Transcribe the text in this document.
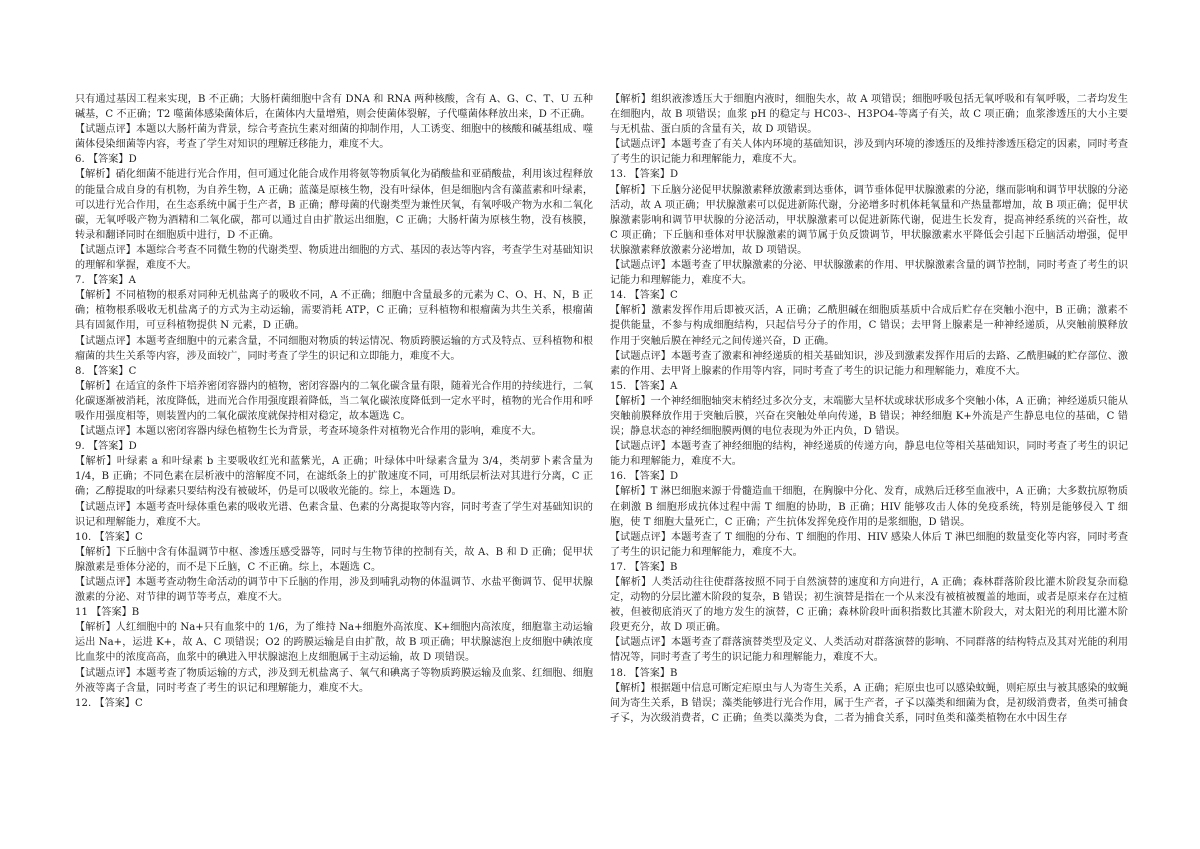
只有通过基因工程来实现，B 不正确；大肠杆菌细胞中含有 DNA 和 RNA 两种核酸，含有 A、G、C、T、U 五种碱基，C 不正确；T2 噬菌体感染菌体后，在菌体内大量增殖，则会使菌体裂解，子代噬菌体释放出来，D 不正确。

【试题点评】本题以大肠杆菌为背景，综合考查抗生素对细菌的抑制作用，人工诱变、细胞中的核酸和碱基组成、噬菌体侵染细菌等内容，考查了学生对知识的理解迁移能力，难度不大。

6. 【答案】D

【解析】硝化细菌不能进行光合作用，但可通过化能合成作用将氨等物质氧化为硝酸盐和亚硝酸盐，利用该过程释放的能量合成自身的有机物，为自养生物，A 正确；蓝藻是原核生物，没有叶绿体，但是细胞内含有藻蓝素和叶绿素，可以进行光合作用，在生态系统中属于生产者，B 正确；酵母菌的代谢类型为兼性厌氧，有氧呼吸产物为水和二氧化碳，无氧呼吸产物为酒精和二氧化碳，都可以通过自由扩散运出细胞，C 正确；大肠杆菌为原核生物，没有核膜，转录和翻译同时在细胞质中进行，D 不正确。

【试题点评】本题综合考查不同微生物的代谢类型、物质进出细胞的方式、基因的表达等内容，考查学生对基础知识的理解和掌握，难度不大。

7. 【答案】A

【解析】不同植物的根系对同种无机盐离子的吸收不同，A 不正确；细胞中含量最多的元素为 C、O、H、N，B 正确；植物根系吸收无机盐离子的方式为主动运输，需要消耗 ATP，C 正确；豆科植物和根瘤菌为共生关系，根瘤菌具有固氮作用，可豆科植物提供 N 元素，D 正确。

【试题点评】本题考查细胞中的元素含量，不同细胞对物质的转运情况、物质跨膜运输的方式及特点、豆科植物和根瘤菌的共生关系等内容，涉及面较广，同时考查了学生的识记和立即能力，难度不大。

8. 【答案】C

【解析】在适宜的条件下培养密闭容器内的植物，密闭容器内的二氧化碳含量有限，随着光合作用的持续进行，二氧化碳逐渐被消耗，浓度降低，进而光合作用强度跟着降低，当二氧化碳浓度降低到一定水平时，植物的光合作用和呼吸作用强度相等，则装置内的二氧化碳浓度就保持相对稳定，故本题选 C。

【试题点评】本题以密闭容器内绿色植物生长为背景，考查环境条件对植物光合作用的影响，难度不大。

9. 【答案】D

【解析】叶绿素 a 和叶绿素 b 主要吸收红光和蓝紫光，A 正确；叶绿体中叶绿素含量为 3/4，类胡萝卜素含量为 1/4，B 正确；不同色素在层析液中的溶解度不同，在滤纸条上的扩散速度不同，可用纸层析法对其进行分离，C 正确；乙醇提取的叶绿素只要结构没有被破坏，仍是可以吸收光能的。综上，本题选 D。

【试题点评】本题考查叶绿体重色素的吸收光谱、色素含量、色素的分离提取等内容，同时考查了学生对基础知识的识记和理解能力，难度不大。

10. 【答案】C

【解析】下丘脑中含有体温调节中枢、渗透压感受器等，同时与生物节律的控制有关，故 A、B 和 D 正确；促甲状腺激素是垂体分泌的，而不是下丘脑，C 不正确。综上，本题选 C。

【试题点评】本题考查动物生命活动的调节中下丘脑的作用，涉及到哺乳动物的体温调节、水盐平衡调节、促甲状腺激素的分泌、对节律的调节等考点，难度不大。

11 【答案】B

【解析】人红细胞中的 Na+只有血浆中的 1/6，为了维持 Na+细胞外高浓度、K+细胞内高浓度，细胞靠主动运输运出 Na+，运进 K+，故 A、C 项错误；O2 的跨膜运输是自由扩散，故 B 项正确；甲状腺滤泡上皮细胞中碘浓度比血浆中的浓度高高，血浆中的碘进入甲状腺滤泡上皮细胞属于主动运输，故 D 项错误。

【试题点评】本题考查了物质运输的方式，涉及到无机盐离子、氧气和碘离子等物质跨膜运输及血浆、红细胞、细胞外液等离子含量，同时考查了考生的识记和理解能力，难度不大。

12. 【答案】C

【解析】组织液渗透压大于细胞内液时，细胞失水，故 A 项错误；细胞呼吸包括无氧呼吸和有氧呼吸，二者均发生在细胞内，故 B 项错误；血浆 pH 的稳定与 HC03-、H3PO4-等离子有关，故 C 项正确；血浆渗透压的大小主要与无机盐、蛋白质的含量有关，故 D 项错误。

【试题点评】本题考查了有关人体内环境的基础知识，涉及到内环境的渗透压的及维持渗透压稳定的因素，同时考查了考生的识记能力和理解能力，难度不大。

13. 【答案】D

【解析】下丘脑分泌促甲状腺激素释放激素到达垂体，调节垂体促甲状腺激素的分泌，继而影响和调节甲状腺的分泌活动，故 A 项正确；甲状腺激素可以促进新陈代谢，分泌增多时机体耗氧量和产热量都增加，故 B 项正确；促甲状腺激素影响和调节甲状腺的分泌活动，甲状腺激素可以促进新陈代谢，促进生长发育，提高神经系统的兴奋性，故 C 项正确；下丘脑和垂体对甲状腺激素的调节属于负反馈调节，甲状腺激素水平降低会引起下丘脑活动增强，促甲状腺激素释放激素分泌增加，故 D 项错误。

【试题点评】本题考查了甲状腺激素的分泌、甲状腺激素的作用、甲状腺激素含量的调节控制，同时考查了考生的识记能力和理解能力，难度不大。

14. 【答案】C

【解析】激素发挥作用后即被灭活，A 正确；乙酰胆碱在细胞质基质中合成后贮存在突触小泡中，B 正确；激素不提供能量，不参与构成细胞结构，只起信号分子的作用，C 错误；去甲肾上腺素是一种神经递质，从突触前膜释放作用于突触后膜在神经元之间传递兴奋，D 正确。

【试题点评】本题考查了激素和神经递质的相关基础知识，涉及到激素发挥作用后的去路、乙酰胆碱的贮存部位、激素的作用、去甲肾上腺素的作用等内容，同时考查了考生的识记能力和理解能力，难度不大。

15. 【答案】A

【解析】一个神经细胞轴突末梢经过多次分支，末端膨大呈杯状或球状形成多个突触小体，A 正确；神经递质只能从突触前膜释放作用于突触后膜，兴奋在突触处单向传递，B 错误；神经细胞 K+外流是产生静息电位的基础，C 错误；静息状态的神经细胞膜两侧的电位表现为外正内负，D 错误。

【试题点评】本题考查了神经细胞的结构，神经递质的传递方向，静息电位等相关基础知识，同时考查了考生的识记能力和理解能力，难度不大。

16. 【答案】D

【解析】T 淋巴细胞来源于骨髓造血干细胞，在胸腺中分化、发育，成熟后迁移至血液中，A 正确；大多数抗原物质在刺激 B 细胞形成抗体过程中需 T 细胞的协助，B 正确；HIV 能够攻击人体的免疫系统，特别是能够侵入 T 细胞，使 T 细胞大量死亡，C 正确；产生抗体发挥免疫作用的是浆细胞，D 错误。

【试题点评】本题考查了 T 细胞的分布、T 细胞的作用、HIV 感染人体后 T 淋巴细胞的数量变化等内容，同时考查了考生的识记能力和理解能力，难度不大。

17. 【答案】B

【解析】人类活动往往使群落按照不同于自然演替的速度和方向进行，A 正确；森林群落阶段比灌木阶段复杂而稳定，动物的分层比灌木阶段的复杂，B 错误；初生演替是指在一个从来没有被植被覆盖的地面，或者是原来存在过植被，但被彻底消灭了的地方发生的演替，C 正确；森林阶段叶面积指数比其灌木阶段大，对太阳光的利用比灌木阶段更充分，故 D 项正确。

【试题点评】本题考查了群落演替类型及定义、人类活动对群落演替的影响、不同群落的结构特点及其对光能的利用情况等，同时考查了考生的识记能力和理解能力，难度不大。

18. 【答案】B

【解析】根据题中信息可断定疟原虫与人为寄生关系，A 正确；疟原虫也可以感染蚊蝇，则疟原虫与被其感染的蚊蝇间为寄生关系，B 错误；藻类能够进行光合作用，属于生产者，孑孓以藻类和细菌为食，是初级消费者，鱼类可捕食孑孓，为次级消费者，C 正确；鱼类以藻类为食，二者为捕食关系，同时鱼类和藻类植物在水中因生存
